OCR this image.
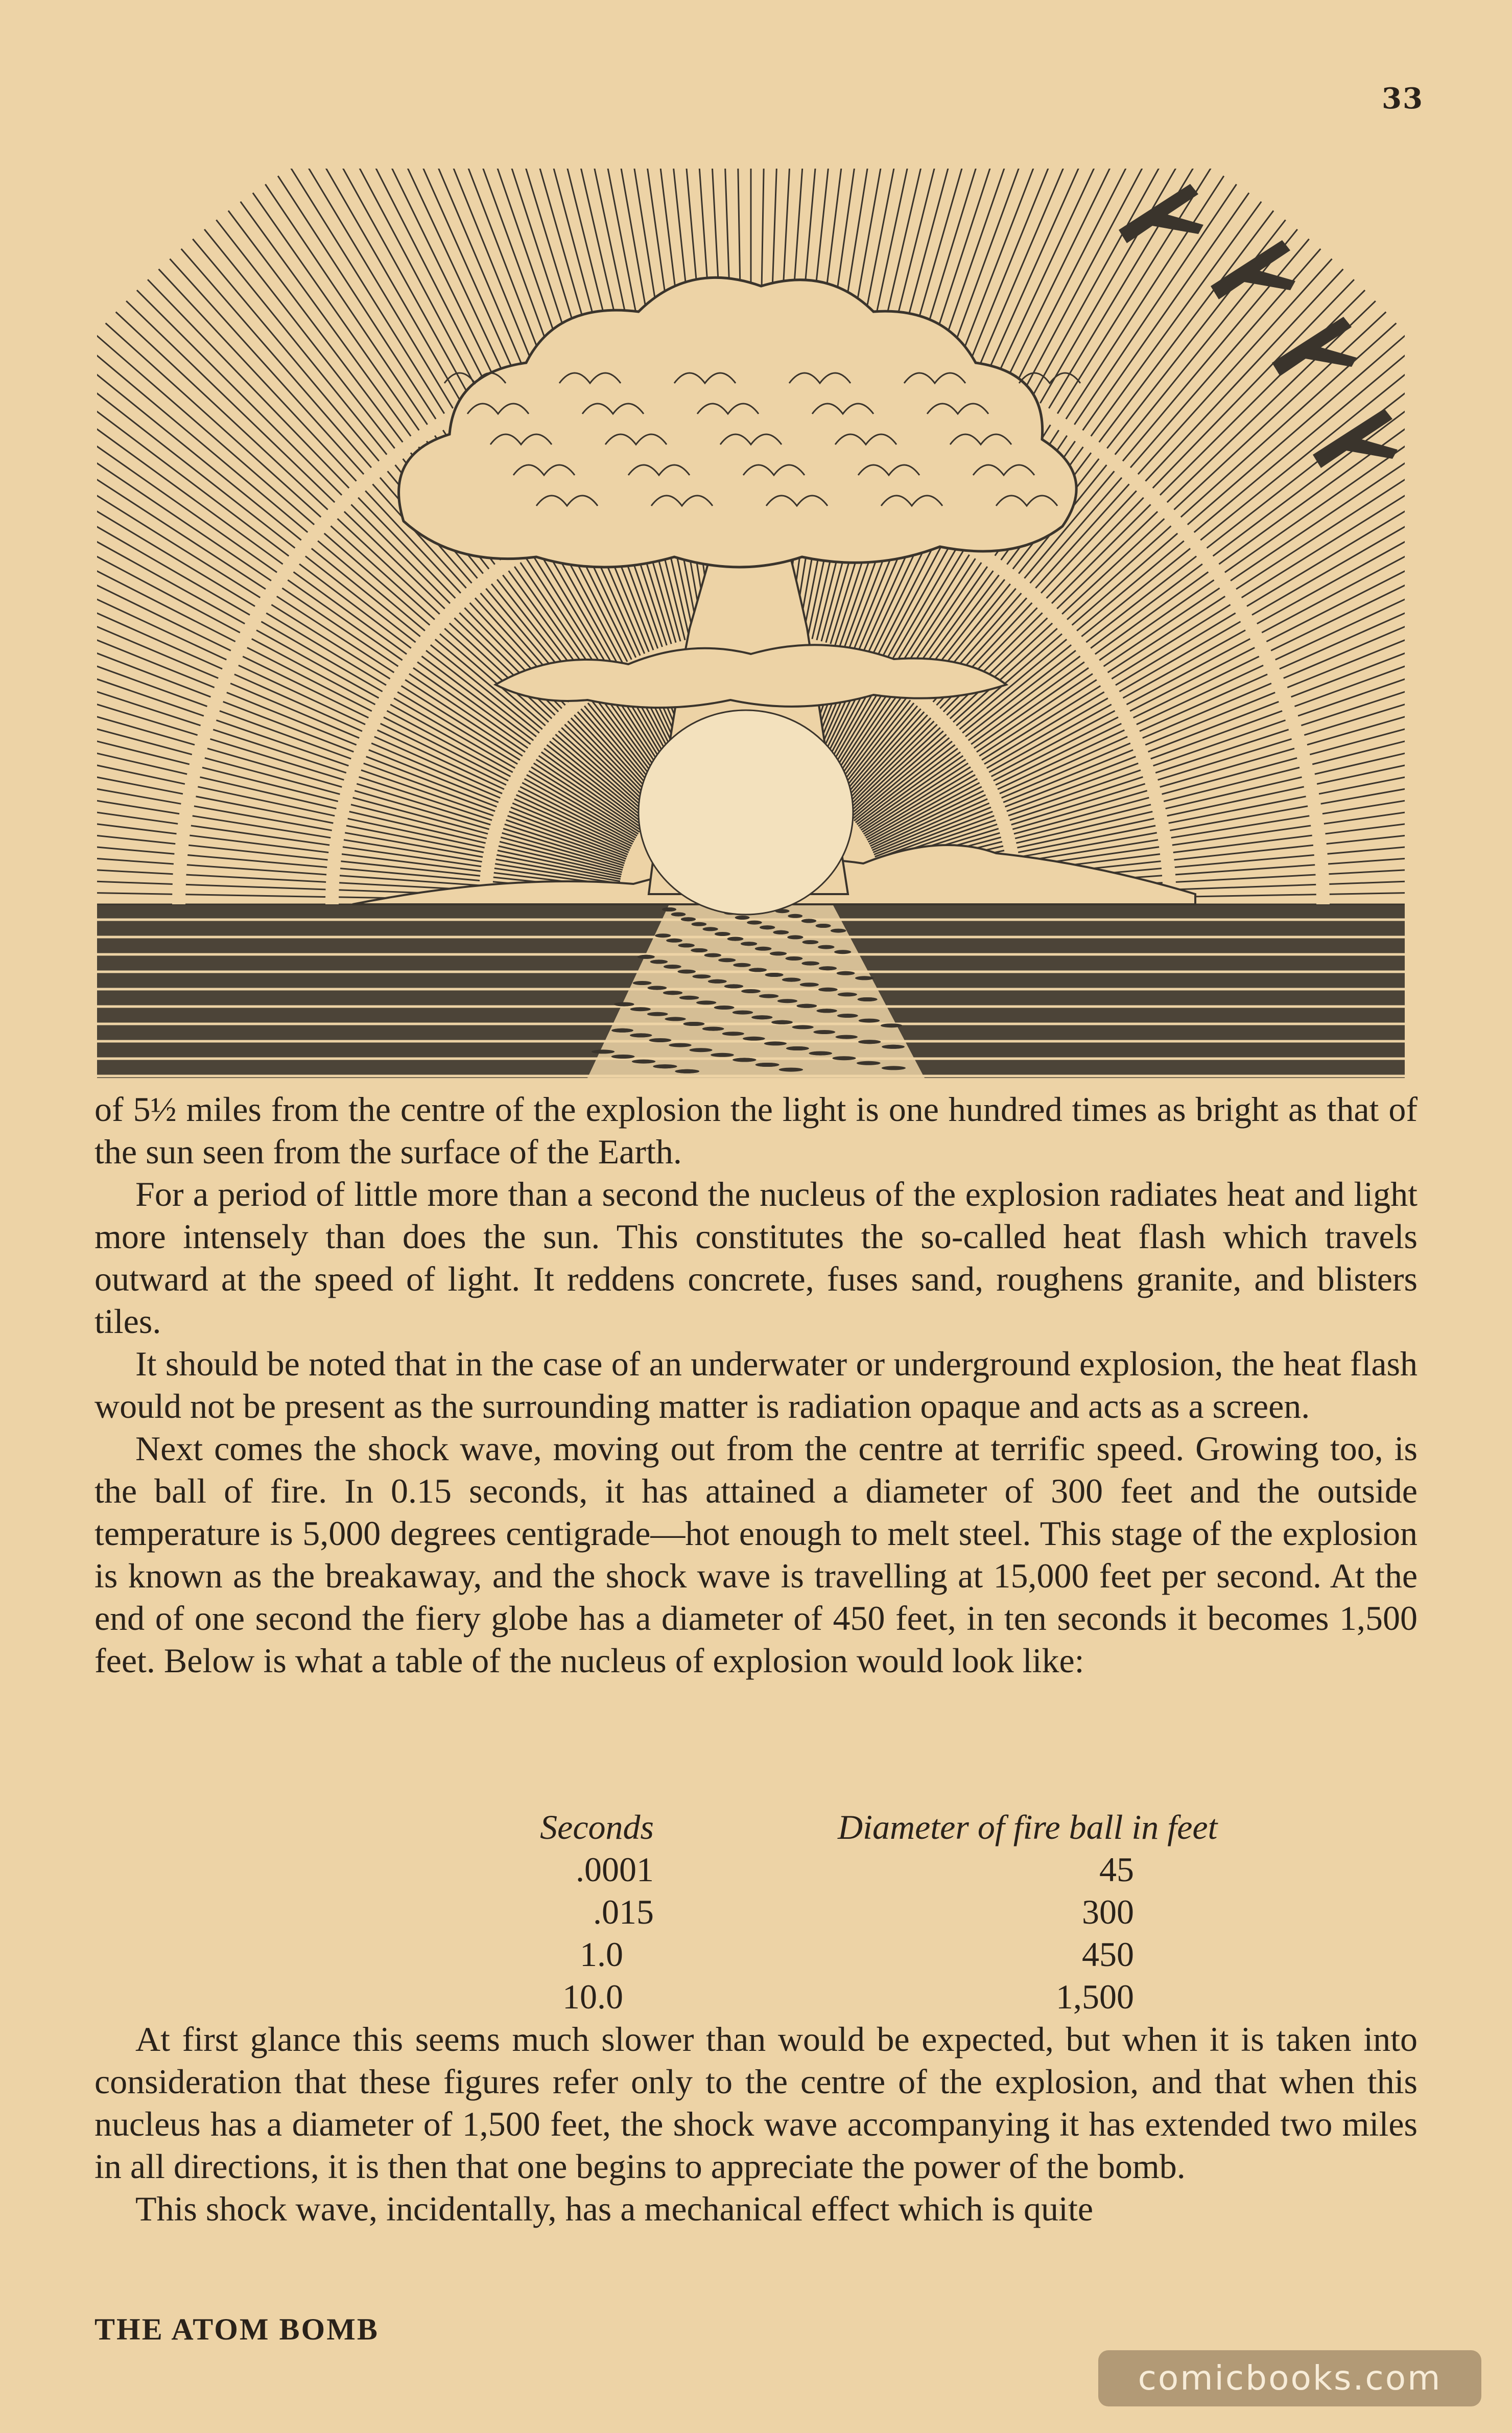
33

of 5½ miles from the centre of the explosion the light is one hundred times as bright as that of the sun seen from the surface of the Earth.

For a period of little more than a second the nucleus of the explosion radiates heat and light more intensely than does the sun. This constitutes the so-called heat flash which travels outward at the speed of light. It reddens concrete, fuses sand, roughens granite, and blisters tiles.

It should be noted that in the case of an underwater or underground explosion, the heat flash would not be present as the surrounding matter is radiation opaque and acts as a screen.

Next comes the shock wave, moving out from the centre at terrific speed. Growing too, is the ball of fire. In 0.15 seconds, it has attained a diameter of 300 feet and the outside temperature is 5,000 degrees centigrade—hot enough to melt steel. This stage of the explosion is known as the breakaway, and the shock wave is travelling at 15,000 feet per second. At the end of one second the fiery globe has a diameter of 450 feet, in ten seconds it becomes 1,500 feet. Below is what a table of the nucleus of explosion would look like:

Seconds	Diameter of fire ball in feet
.0001	45
.015	300
1.0	450
10.0	1,500

At first glance this seems much slower than would be expected, but when it is taken into consideration that these figures refer only to the centre of the explosion, and that when this nucleus has a diameter of 1,500 feet, the shock wave accompanying it has extended two miles in all directions, it is then that one begins to appreciate the power of the bomb.

This shock wave, incidentally, has a mechanical effect which is quite

THE ATOM BOMB
comicbooks.com
